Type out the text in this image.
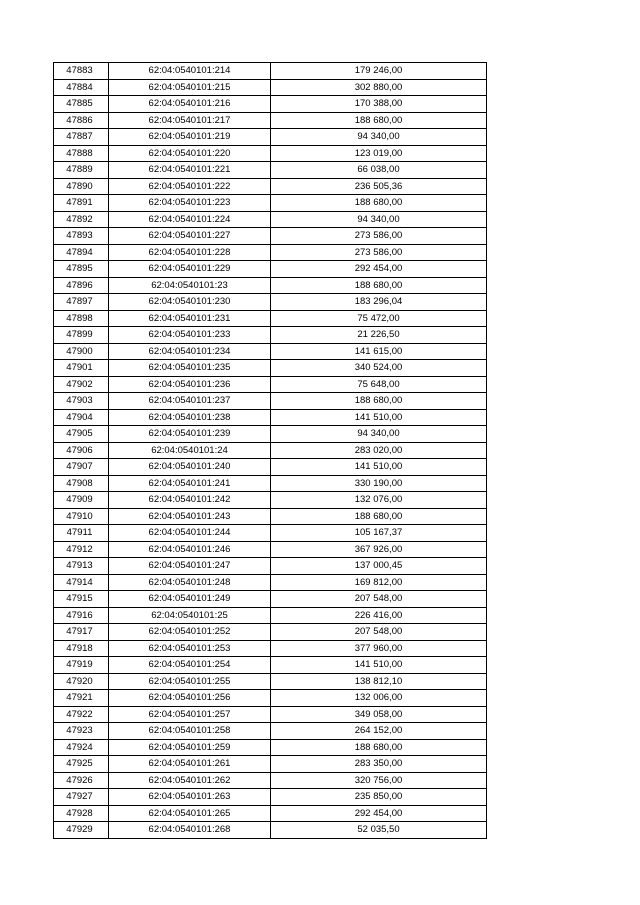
47883	62:04:0540101:214	179 246,00
47884	62:04:0540101:215	302 880,00
47885	62:04:0540101:216	170 388,00
47886	62:04:0540101:217	188 680,00
47887	62:04:0540101:219	94 340,00
47888	62:04:0540101:220	123 019,00
47889	62:04:0540101:221	66 038,00
47890	62:04:0540101:222	236 505,36
47891	62:04:0540101:223	188 680,00
47892	62:04:0540101:224	94 340,00
47893	62:04:0540101:227	273 586,00
47894	62:04:0540101:228	273 586,00
47895	62:04:0540101:229	292 454,00
47896	62:04:0540101:23	188 680,00
47897	62:04:0540101:230	183 296,04
47898	62:04:0540101:231	75 472,00
47899	62:04:0540101:233	21 226,50
47900	62:04:0540101:234	141 615,00
47901	62:04:0540101:235	340 524,00
47902	62:04:0540101:236	75 648,00
47903	62:04:0540101:237	188 680,00
47904	62:04:0540101:238	141 510,00
47905	62:04:0540101:239	94 340,00
47906	62:04:0540101:24	283 020,00
47907	62:04:0540101:240	141 510,00
47908	62:04:0540101:241	330 190,00
47909	62:04:0540101:242	132 076,00
47910	62:04:0540101:243	188 680,00
47911	62:04:0540101:244	105 167,37
47912	62:04:0540101:246	367 926,00
47913	62:04:0540101:247	137 000,45
47914	62:04:0540101:248	169 812,00
47915	62:04:0540101:249	207 548,00
47916	62:04:0540101:25	226 416,00
47917	62:04:0540101:252	207 548,00
47918	62:04:0540101:253	377 960,00
47919	62:04:0540101:254	141 510,00
47920	62:04:0540101:255	138 812,10
47921	62:04:0540101:256	132 006,00
47922	62:04:0540101:257	349 058,00
47923	62:04:0540101:258	264 152,00
47924	62:04:0540101:259	188 680,00
47925	62:04:0540101:261	283 350,00
47926	62:04:0540101:262	320 756,00
47927	62:04:0540101:263	235 850,00
47928	62:04:0540101:265	292 454,00
47929	62:04:0540101:268	52 035,50
